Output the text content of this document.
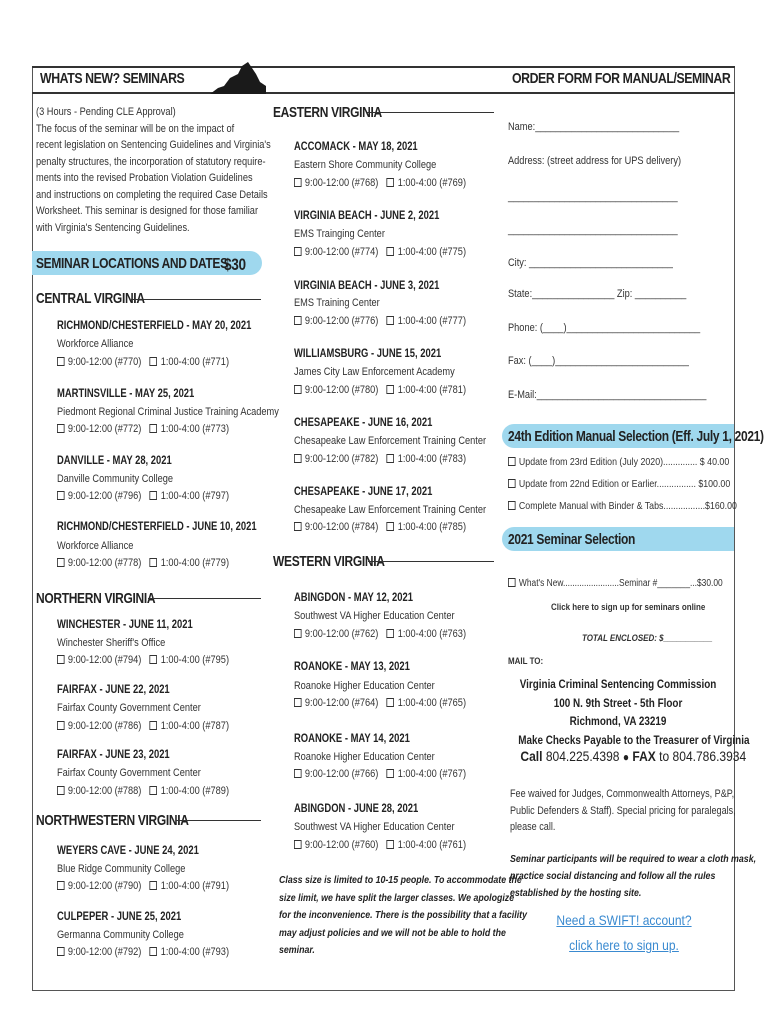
WHATS NEW? SEMINARS	ORDER FORM FOR MANUAL/SEMINAR
(3 Hours - Pending CLE Approval)
The focus of the seminar will be on the impact of
recent legislation on Sentencing Guidelines and Virginia's
penalty structures, the incorporation of statutory require-
ments into the revised Probation Violation Guidelines
and instructions on completing the required Case Details
Worksheet. This seminar is designed for those familiar
with Virginia's Sentencing Guidelines.
SEMINAR LOCATIONS AND DATES
$30
CENTRAL VIRGINIA
RICHMOND/CHESTERFIELD - MAY 20, 2021
Workforce Alliance
9:00-12:00 (#770) 1:00-4:00 (#771)
MARTINSVILLE - MAY 25, 2021
Piedmont Regional Criminal Justice Training Academy
9:00-12:00 (#772) 1:00-4:00 (#773)
DANVILLE - MAY 28, 2021
Danville Community College
9:00-12:00 (#796) 1:00-4:00 (#797)
RICHMOND/CHESTERFIELD - JUNE 10, 2021
Workforce Alliance
9:00-12:00 (#778) 1:00-4:00 (#779)
NORTHERN VIRGINIA
WINCHESTER - JUNE 11, 2021
Winchester Sheriff's Office
9:00-12:00 (#794) 1:00-4:00 (#795)
FAIRFAX - JUNE 22, 2021
Fairfax County Government Center
9:00-12:00 (#786) 1:00-4:00 (#787)
FAIRFAX - JUNE 23, 2021
Fairfax County Government Center
9:00-12:00 (#788) 1:00-4:00 (#789)
NORTHWESTERN VIRGINIA
WEYERS CAVE - JUNE 24, 2021
Blue Ridge Community College
9:00-12:00 (#790) 1:00-4:00 (#791)
CULPEPER - JUNE 25, 2021
Germanna Community College
9:00-12:00 (#792) 1:00-4:00 (#793)
EASTERN VIRGINIA
ACCOMACK - MAY 18, 2021
Eastern Shore Community College
9:00-12:00 (#768) 1:00-4:00 (#769)
VIRGINIA BEACH - JUNE 2, 2021
EMS Trainging Center
9:00-12:00 (#774) 1:00-4:00 (#775)
VIRGINIA BEACH - JUNE 3, 2021
EMS Training Center
9:00-12:00 (#776) 1:00-4:00 (#777)
WILLIAMSBURG - JUNE 15, 2021
James City Law Enforcement Academy
9:00-12:00 (#780) 1:00-4:00 (#781)
CHESAPEAKE - JUNE 16, 2021
Chesapeake Law Enforcement Training Center
9:00-12:00 (#782) 1:00-4:00 (#783)
CHESAPEAKE - JUNE 17, 2021
Chesapeake Law Enforcement Training Center
9:00-12:00 (#784) 1:00-4:00 (#785)
WESTERN VIRGINIA
ABINGDON - MAY 12, 2021
Southwest VA Higher Education Center
9:00-12:00 (#762) 1:00-4:00 (#763)
ROANOKE - MAY 13, 2021
Roanoke Higher Education Center
9:00-12:00 (#764) 1:00-4:00 (#765)
ROANOKE - MAY 14, 2021
Roanoke Higher Education Center
9:00-12:00 (#766) 1:00-4:00 (#767)
ABINGDON - JUNE 28, 2021
Southwest VA Higher Education Center
9:00-12:00 (#760) 1:00-4:00 (#761)
Class size is limited to 10-15 people. To accommodate the
size limit, we have split the larger classes. We apologize
for the inconvenience. There is the possibility that a facility
may adjust policies and we will not be able to hold the
seminar.
Name:____________________________
Address: (street address for UPS delivery)
_________________________________
_________________________________
City: ____________________________
State:________________ Zip: __________
Phone: (____)__________________________
Fax: (____)__________________________
E-Mail:_________________________________
24th Edition Manual Selection (Eff. July 1, 2021)
Update from 23rd Edition (July 2020).............. $ 40.00
Update from 22nd Edition or Earlier................ $100.00
Complete Manual with Binder & Tabs.................$160.00
2021 Seminar Selection
What's New........................Seminar #_______...$30.00
Click here to sign up for seminars online
TOTAL ENCLOSED: $___________
MAIL TO:
Virginia Criminal Sentencing Commission
100 N. 9th Street - 5th Floor
Richmond, VA 23219
Make Checks Payable to the Treasurer of Virginia
Call 804.225.4398 ● FAX to 804.786.3934
Fee waived for Judges, Commonwealth Attorneys, P&P,
Public Defenders & Staff). Special pricing for paralegals,
please call.
Seminar participants will be required to wear a cloth mask,
practice social distancing and follow all the rules
established by the hosting site.
Need a SWIFT! account?
click here to sign up.
